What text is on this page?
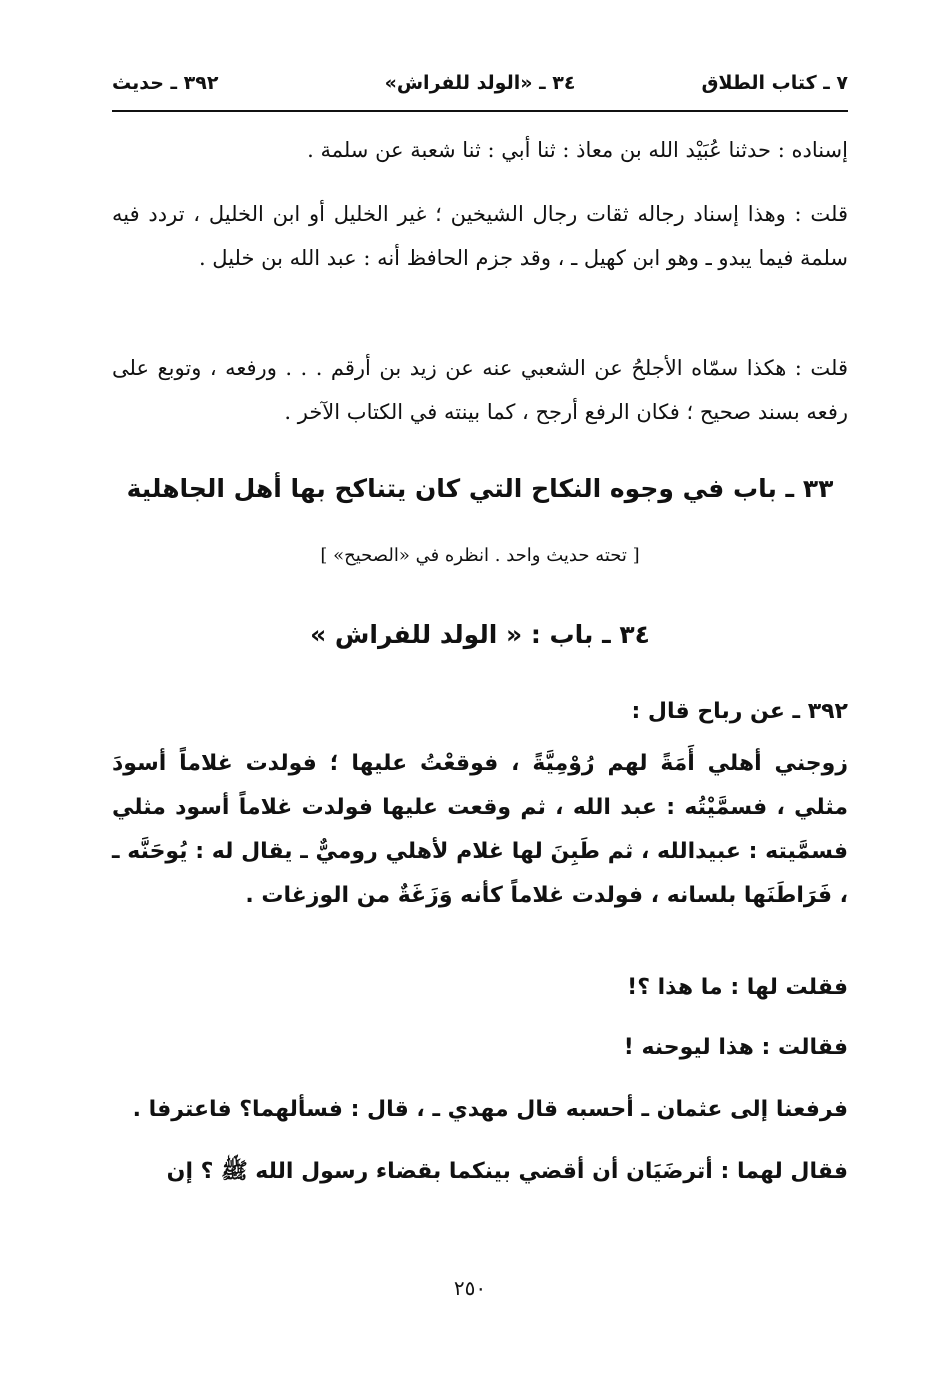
٧ ـ كتاب الطلاق
٣٤ ـ «الولد للفراش»
٣٩٢ ـ حديث
إسناده : حدثنا عُبَيْد الله بن معاذ : ثنا أبي : ثنا شعبة عن سلمة .
قلت : وهذا إسناد رجاله ثقات رجال الشيخين ؛ غير الخليل أو ابن الخليل ، تردد فيه سلمة فيما يبدو ـ وهو ابن كهيل ـ ، وقد جزم الحافظ أنه : عبد الله بن خليل .
قلت : هكذا سمّاه الأجلحُ عن الشعبي عنه عن زيد بن أرقم . . . ورفعه ، وتوبع على رفعه بسند صحيح ؛ فكان الرفع أرجح ، كما بينته في الكتاب الآخر .
٣٣ ـ باب في وجوه النكاح التي كان يتناكح بها أهل الجاهلية
[ تحته حديث واحد . انظره في «الصحيح» ]
٣٤ ـ باب : « الولد للفراش »
٣٩٢ ـ عن رباح قال :
زوجني أهلي أَمَةً لهم رُوْمِيَّةً ، فوقعْتُ عليها ؛ فولدت غلاماً أسودَ مثلي ، فسمَّيْتُه : عبد الله ، ثم وقعت عليها فولدت غلاماً أسود مثلي فسمَّيته : عبيدالله ، ثم طَبِنَ لها غلام لأهلي روميٌّ ـ يقال له : يُوحَنَّه ـ ، فَرَاطَنَها بلسانه ، فولدت غلاماً كأنه وَزَغَةٌ من الوزغات .
فقلت لها : ما هذا ؟!
فقالت : هذا ليوحنه !
فرفعنا إلى عثمان ـ أحسبه قال مهدي ـ ، قال : فسألهما؟ فاعترفا .
فقال لهما : أترضَيَان أن أقضي بينكما بقضاء رسول الله ﷺ ؟ إن
٢٥٠
